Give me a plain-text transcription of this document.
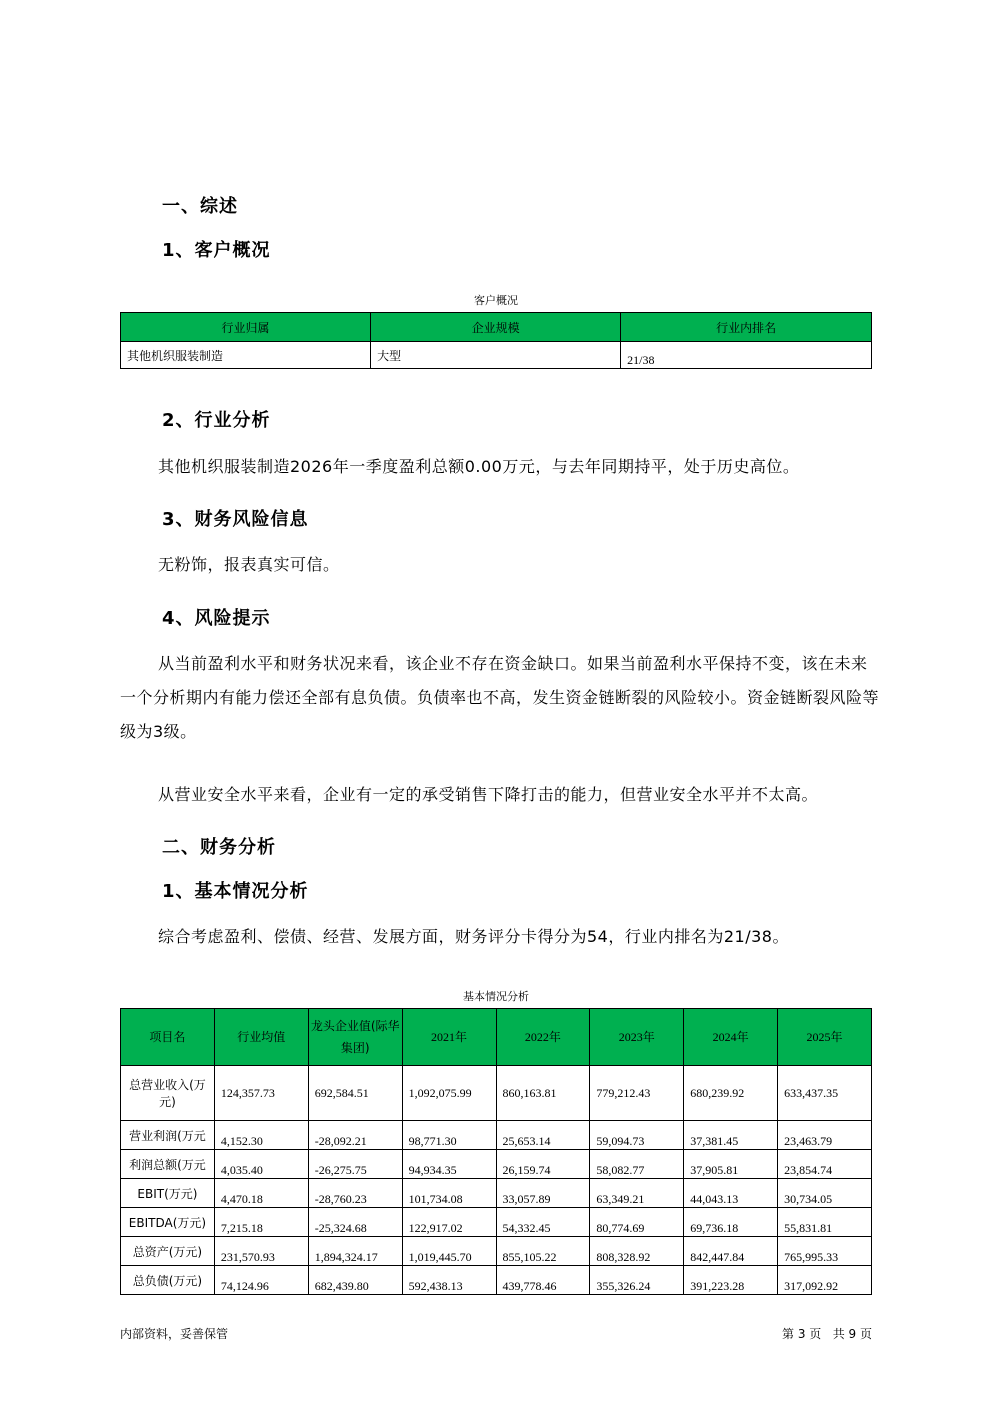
一、综述
1、客户概况
客户概况
行业归属	企业规模	行业内排名
其他机织服装制造	大型	21/38
2、行业分析
其他机织服装制造2026年一季度盈利总额0.00万元，与去年同期持平，处于历史高位。
3、财务风险信息
无粉饰，报表真实可信。
4、风险提示
从当前盈利水平和财务状况来看，该企业不存在资金缺口。如果当前盈利水平保持不变，该在未来一个分析期内有能力偿还全部有息负债。负债率也不高，发生资金链断裂的风险较小。资金链断裂风险等级为3级。
从营业安全水平来看，企业有一定的承受销售下降打击的能力，但营业安全水平并不太高。
二、财务分析
1、基本情况分析
综合考虑盈利、偿债、经营、发展方面，财务评分卡得分为54，行业内排名为21/38。
基本情况分析
项目名	行业均值	龙头企业值(际华集团)	2021年	2022年	2023年	2024年	2025年
总营业收入(万元)	124,357.73	692,584.51	1,092,075.99	860,163.81	779,212.43	680,239.92	633,437.35
营业利润(万元	4,152.30	-28,092.21	98,771.30	25,653.14	59,094.73	37,381.45	23,463.79
利润总额(万元	4,035.40	-26,275.75	94,934.35	26,159.74	58,082.77	37,905.81	23,854.74
EBIT(万元)	4,470.18	-28,760.23	101,734.08	33,057.89	63,349.21	44,043.13	30,734.05
EBITDA(万元)	7,215.18	-25,324.68	122,917.02	54,332.45	80,774.69	69,736.18	55,831.81
总资产(万元)	231,570.93	1,894,324.17	1,019,445.70	855,105.22	808,328.92	842,447.84	765,995.33
总负债(万元)	74,124.96	682,439.80	592,438.13	439,778.46	355,326.24	391,223.28	317,092.92
内部资料，妥善保管	第 3 页   共 9 页
